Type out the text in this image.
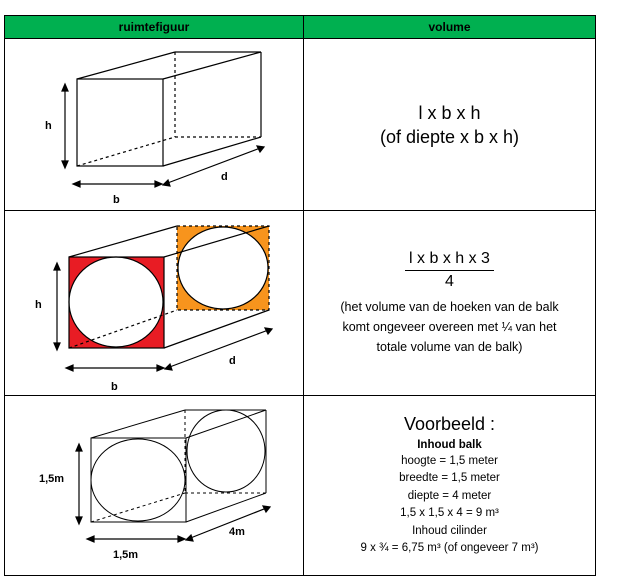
ruimtefiguur	volume
h
b
d
l x b x h
(of diepte x b x h)
h
b
d
$\frac{\text{l x b x h x 3}}{4}$
(het volume van de hoeken van de balk
komt ongeveer overeen met ¼ van het
totale volume van de balk)
1,5m
1,5m
4m
Voorbeeld :
Inhoud balk
hoogte = 1,5 meter
breedte = 1,5 meter
diepte = 4 meter
1,5 x 1,5 x 4 = 9 m³
Inhoud cilinder
9 x ¾ = 6,75 m³ (of ongeveer 7 m³)
